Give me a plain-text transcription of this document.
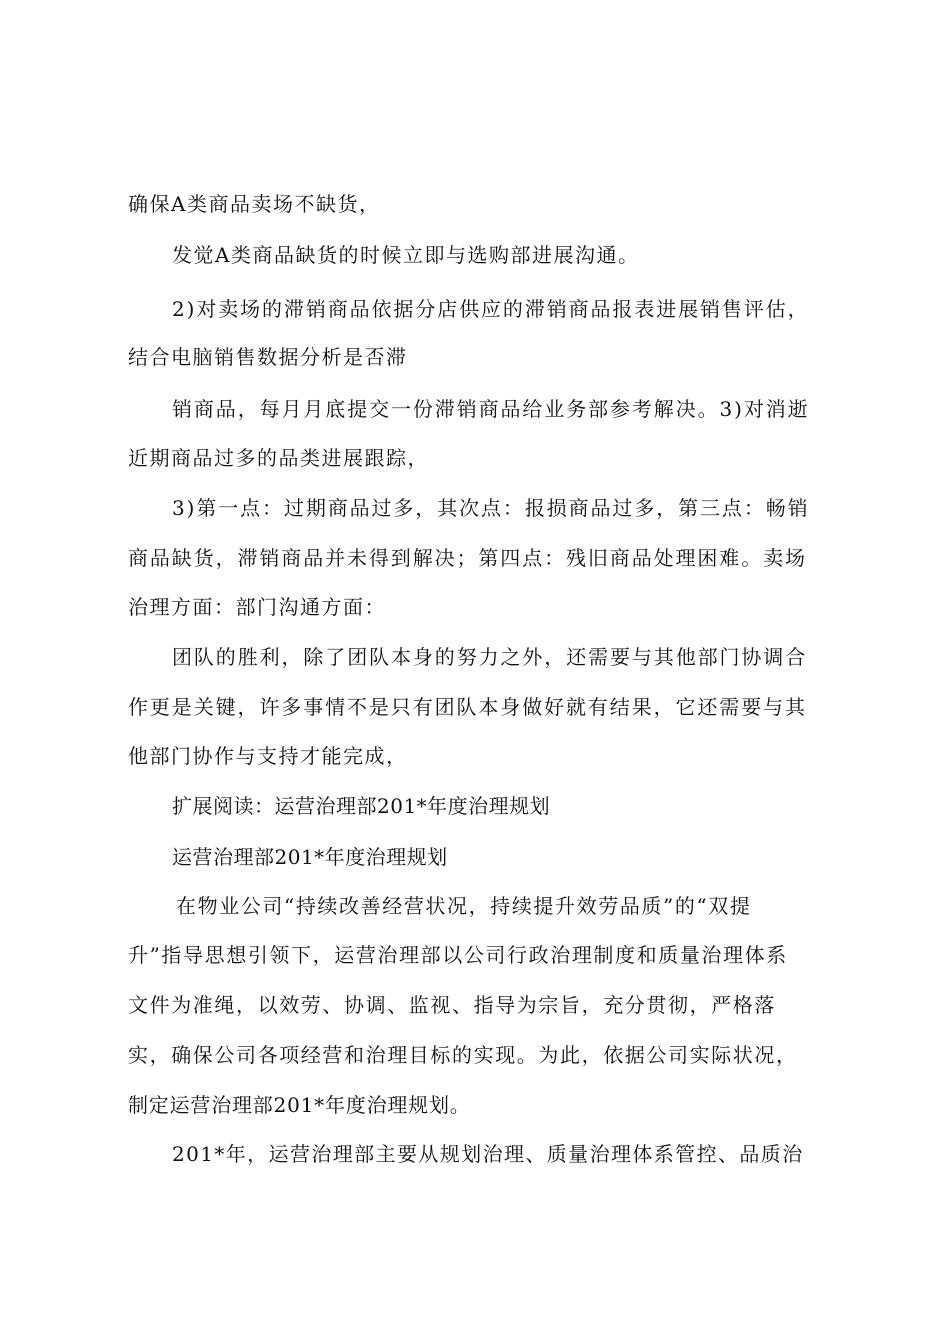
确保A类商品卖场不缺货，
发觉A类商品缺货的时候立即与选购部进展沟通。
2)对卖场的滞销商品依据分店供应的滞销商品报表进展销售评估，
结合电脑销售数据分析是否滞
销商品，每月月底提交一份滞销商品给业务部参考解决。3)对消逝
近期商品过多的品类进展跟踪，
3)第一点：过期商品过多，其次点：报损商品过多，第三点：畅销
商品缺货，滞销商品并未得到解决；第四点：残旧商品处理困难。卖场
治理方面：部门沟通方面：
团队的胜利，除了团队本身的努力之外，还需要与其他部门协调合
作更是关键，许多事情不是只有团队本身做好就有结果，它还需要与其
他部门协作与支持才能完成，
扩展阅读：运营治理部201*年度治理规划
运营治理部201*年度治理规划
在物业公司“持续改善经营状况，持续提升效劳品质”的“双提
升”指导思想引领下，运营治理部以公司行政治理制度和质量治理体系
文件为准绳，以效劳、协调、监视、指导为宗旨，充分贯彻，严格落
实，确保公司各项经营和治理目标的实现。为此，依据公司实际状况，
制定运营治理部201*年度治理规划。
201*年，运营治理部主要从规划治理、质量治理体系管控、品质治
